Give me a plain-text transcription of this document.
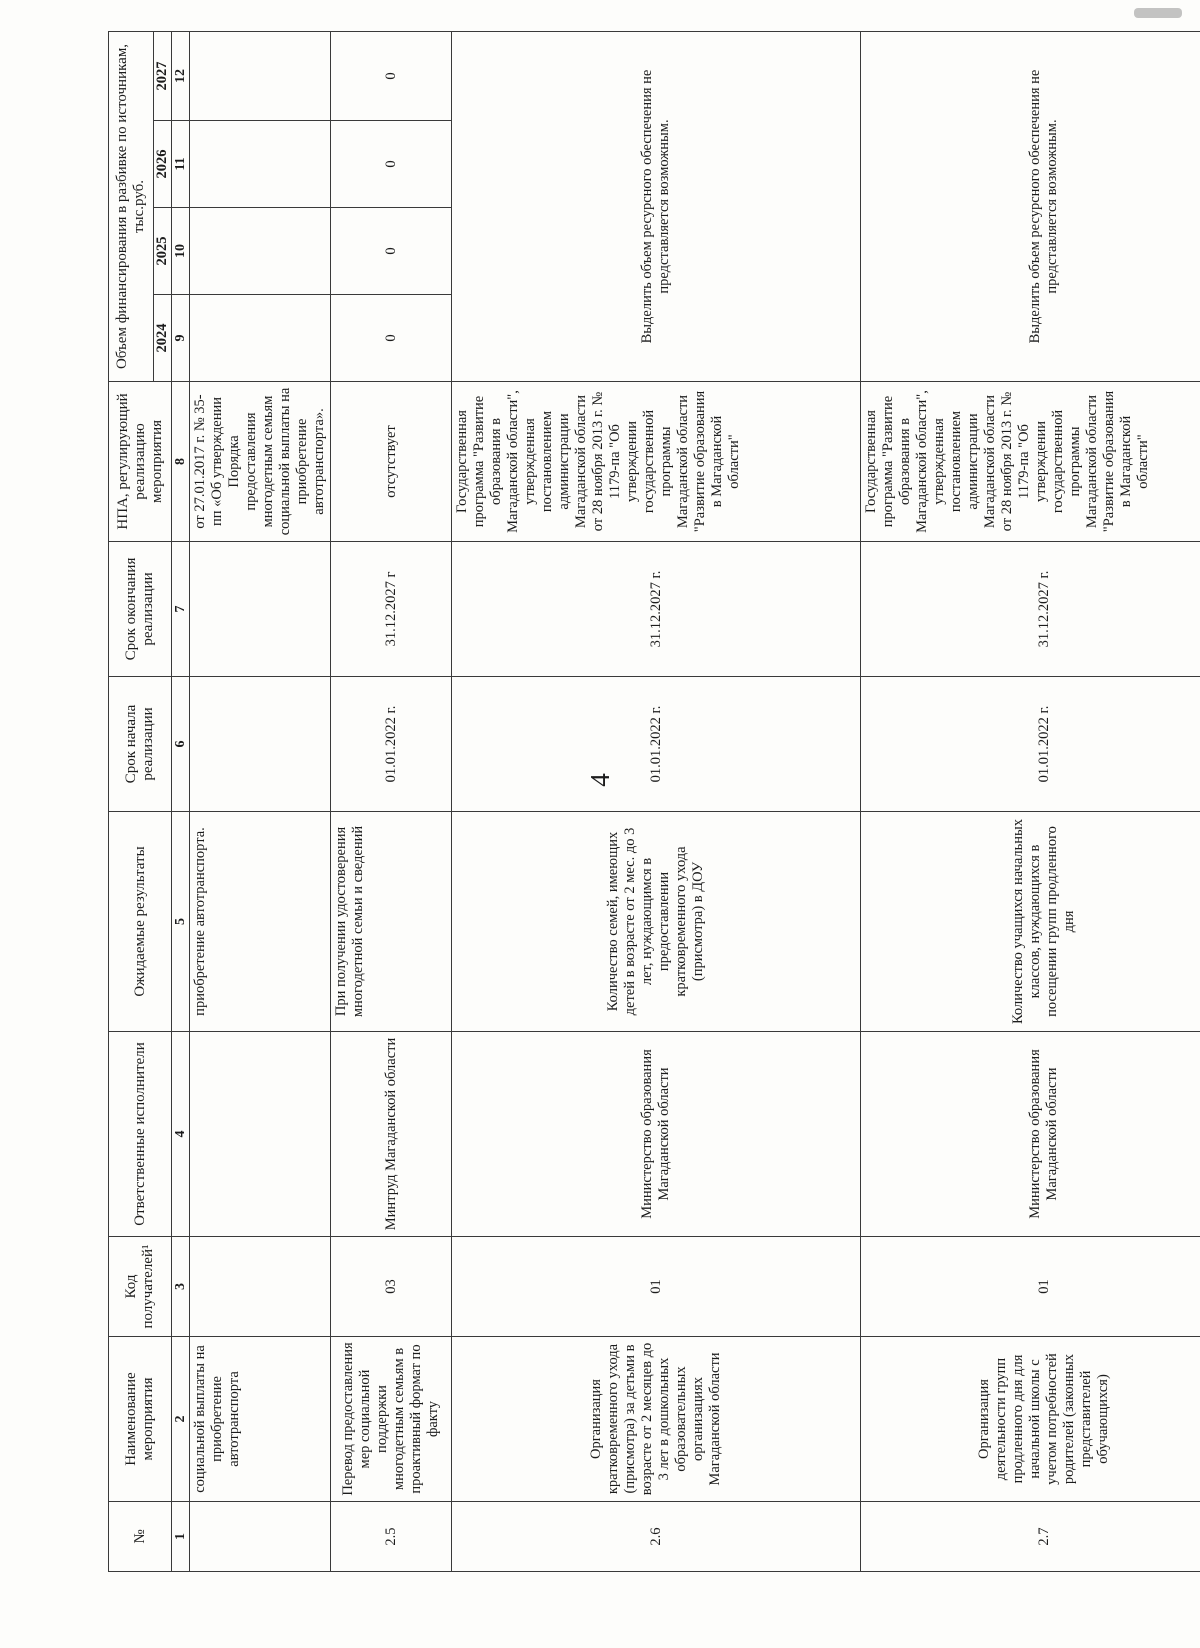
4
№	Наименование мероприятия	Код получателей¹	Ответственные исполнители	Ожидаемые результаты	Срок начала реализации	Срок окончания реализации	НПА, регулирующий реализацию мероприятия	Объем финансирования в разбивке по источникам, тыс.руб.			
								2024	2025	2026	2027
1	2	3	4	5	6	7	8	9	10	11	12
	социальной выплаты на приобретение автотранспорта			приобретение автотранспорта.			от 27.01.2017 г. № 35-пп «Об утверждении Порядка предоставления многодетным семьям социальной выплаты на приобретение автотранспорта».				
2.5	Перевод предоставления мер социальной поддержки многодетным семьям в проактивный формат по факту	03	Минтруд Магаданской области	При получении удостоверения многодетной семьи и сведений	01.01.2022 г.	31.12.2027 г	отсутствует	0	0	0	0
2.6	Организация кратковременного ухода (присмотра) за детьми в возрасте от 2 месяцев до 3 лет в дошкольных образовательных организациях Магаданской области	01	Министерство образования Магаданской области	Количество семей, имеющих детей в возрасте от 2 мес. до 3 лет, нуждающимся в предоставлении кратковременного ухода (присмотра) в ДОУ	01.01.2022 г.	31.12.2027 г.	Государственная программа "Развитие образования в Магаданской области", утвержденная постановлением администрации Магаданской области от 28 ноября 2013 г. № 1179-па "Об утверждении государственной программы Магаданской области "Развитие образования в Магаданской области"	Выделить объем ресурсного обеспечения не представляется возможным.			
2.7	Организация деятельности групп продленного дня для начальной школы с учетом потребностей родителей (законных представителей обучающихся)	01	Министерство образования Магаданской области	Количество учащихся начальных классов, нуждающихся в посещении групп продленного дня	01.01.2022 г.	31.12.2027 г.	Государственная программа "Развитие образования в Магаданской области", утвержденная постановлением администрации Магаданской области от 28 ноября 2013 г. № 1179-па "Об утверждении государственной программы Магаданской области "Развитие образования в Магаданской области"	Выделить объем ресурсного обеспечения не представляется возможным.			
